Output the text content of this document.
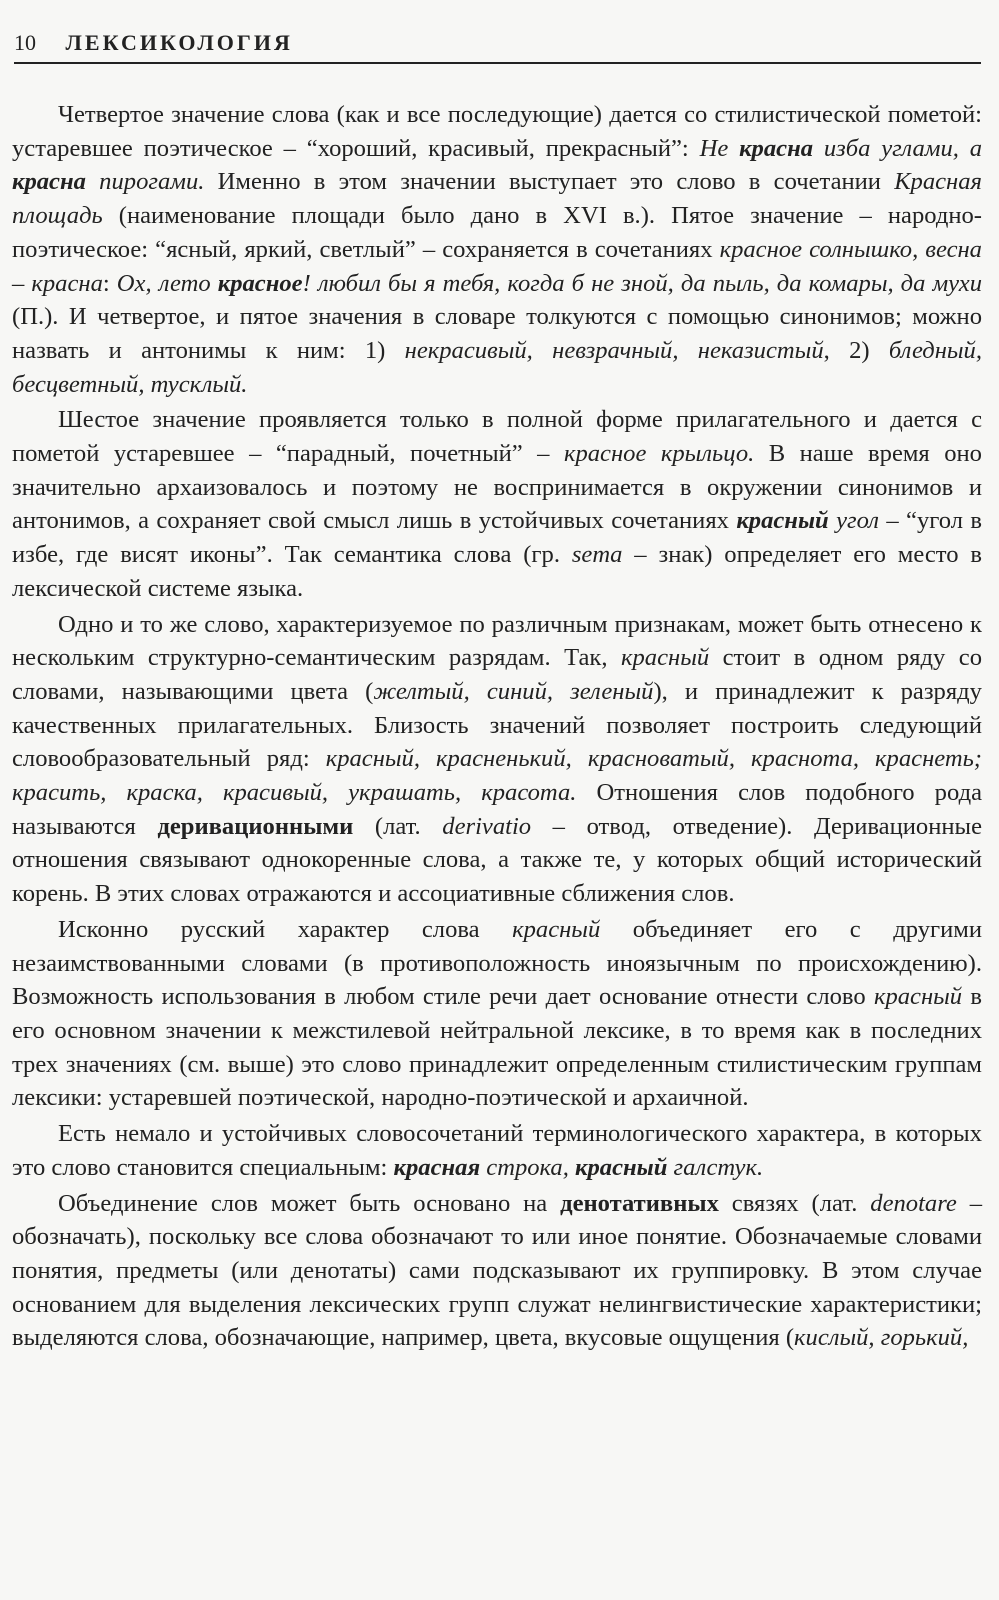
10 ЛЕКСИКОЛОГИЯ

Четвертое значение слова (как и все последующие) дается со стилистической пометой: устаревшее поэтическое – “хороший, красивый, прекрасный”: Не красна изба углами, а красна пирогами. Именно в этом значении выступает это слово в сочетании Красная площадь (наименование площади было дано в XVI в.). Пятое значение – народно-поэтическое: “ясный, яркий, светлый” – сохраняется в сочетаниях красное солнышко, весна – красна: Ох, лето красное! любил бы я тебя, когда б не зной, да пыль, да комары, да мухи (П.). И четвертое, и пятое значения в словаре толкуются с помощью синонимов; можно назвать и антонимы к ним: 1) некрасивый, невзрачный, неказистый, 2) бледный, бесцветный, тусклый.

Шестое значение проявляется только в полной форме прилагательного и дается с пометой устаревшее – “парадный, почетный” – красное крыльцо. В наше время оно значительно архаизовалось и поэтому не воспринимается в окружении синонимов и антонимов, а сохраняет свой смысл лишь в устойчивых сочетаниях красный угол – “угол в избе, где висят иконы”. Так семантика слова (гр. sema – знак) определяет его место в лексической системе языка.

Одно и то же слово, характеризуемое по различным признакам, может быть отнесено к нескольким структурно-семантическим разрядам. Так, красный стоит в одном ряду со словами, называющими цвета (желтый, синий, зеленый), и принадлежит к разряду качественных прилагательных. Близость значений позволяет построить следующий словообразовательный ряд: красный, красненький, красноватый, краснота, краснеть; красить, краска, красивый, украшать, красота. Отношения слов подобного рода называются деривационными (лат. derivatio – отвод, отведение). Деривационные отношения связывают однокоренные слова, а также те, у которых общий исторический корень. В этих словах отражаются и ассоциативные сближения слов.

Исконно русский характер слова красный объединяет его с другими незаимствованными словами (в противоположность иноязычным по происхождению). Возможность использования в любом стиле речи дает основание отнести слово красный в его основном значении к межстилевой нейтральной лексике, в то время как в последних трех значениях (см. выше) это слово принадлежит определенным стилистическим группам лексики: устаревшей поэтической, народно-поэтической и архаичной.

Есть немало и устойчивых словосочетаний терминологического характера, в которых это слово становится специальным: красная строка, красный галстук.

Объединение слов может быть основано на денотативных связях (лат. denotare – обозначать), поскольку все слова обозначают то или иное понятие. Обозначаемые словами понятия, предметы (или денотаты) сами подсказывают их группировку. В этом случае основанием для выделения лексических групп служат нелингвистические характеристики; выделяются слова, обозначающие, например, цвета, вкусовые ощущения (кислый, горький,
